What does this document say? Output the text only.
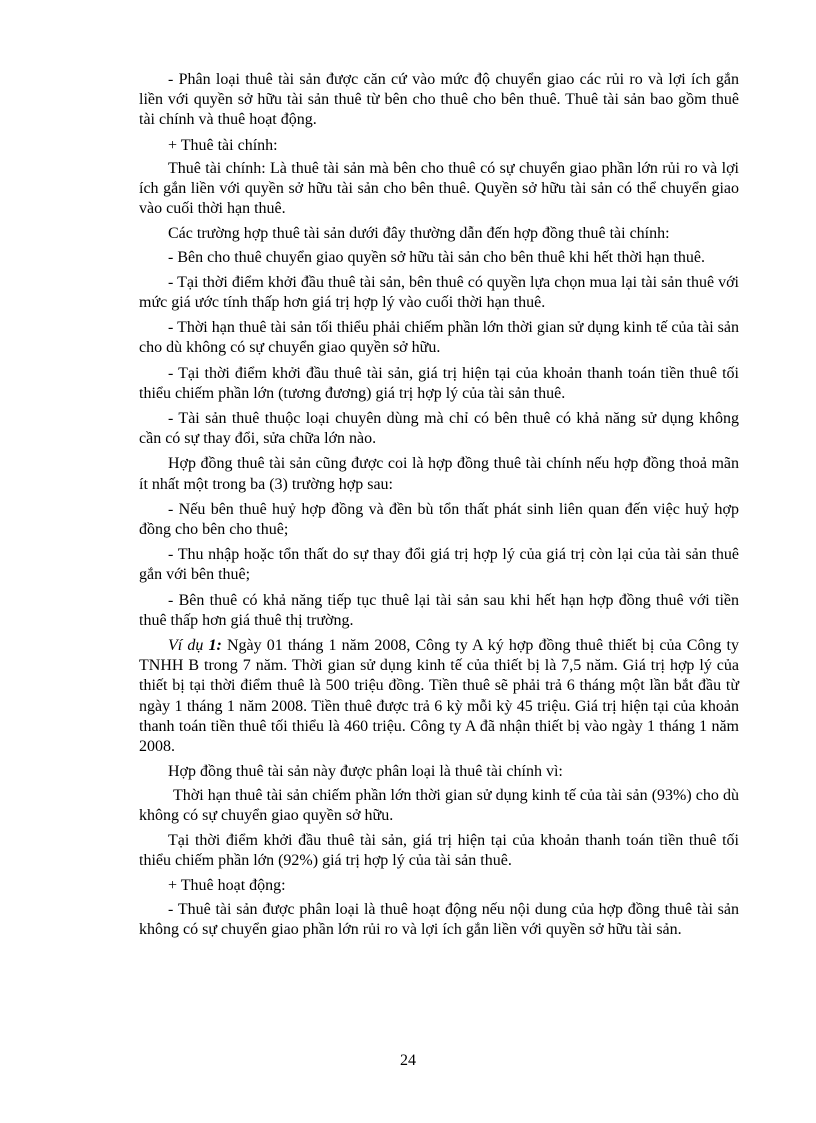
- Phân loại thuê tài sản được căn cứ vào mức độ chuyển giao các rủi ro và lợi ích gắn liền với quyền sở hữu tài sản thuê từ bên cho thuê cho bên thuê. Thuê tài sản bao gồm thuê tài chính và thuê hoạt động.

+ Thuê tài chính:

Thuê tài chính: Là thuê tài sản mà bên cho thuê có sự chuyển giao phần lớn rủi ro và lợi ích gắn liền với quyền sở hữu tài sản cho bên thuê. Quyền sở hữu tài sản có thể chuyển giao vào cuối thời hạn thuê.

Các trường hợp thuê tài sản dưới đây thường dẫn đến hợp đồng thuê tài chính:

- Bên cho thuê chuyển giao quyền sở hữu tài sản cho bên thuê khi hết thời hạn thuê.

- Tại thời điểm khởi đầu thuê tài sản, bên thuê có quyền lựa chọn mua lại tài sản thuê với mức giá ước tính thấp hơn giá trị hợp lý vào cuối thời hạn thuê.

- Thời hạn thuê tài sản tối thiểu phải chiếm phần lớn thời gian sử dụng kinh tế của tài sản cho dù không có sự chuyển giao quyền sở hữu.

- Tại thời điểm khởi đầu thuê tài sản, giá trị hiện tại của khoản thanh toán tiền thuê tối thiểu chiếm phần lớn (tương đương) giá trị hợp lý của tài sản thuê.

- Tài sản thuê thuộc loại chuyên dùng mà chỉ có bên thuê có khả năng sử dụng không cần có sự thay đổi, sửa chữa lớn nào.

Hợp đồng thuê tài sản cũng được coi là hợp đồng thuê tài chính nếu hợp đồng thoả mãn ít nhất một trong ba (3) trường hợp sau:

- Nếu bên thuê huỷ hợp đồng và đền bù tổn thất phát sinh liên quan đến việc huỷ hợp đồng cho bên cho thuê;

- Thu nhập hoặc tổn thất do sự thay đổi giá trị hợp lý của giá trị còn lại của tài sản thuê gắn với bên thuê;

- Bên thuê có khả năng tiếp tục thuê lại tài sản sau khi hết hạn hợp đồng thuê với tiền thuê thấp hơn giá thuê thị trường.

Ví dụ 1: Ngày 01 tháng 1 năm 2008, Công ty A ký hợp đồng thuê thiết bị của Công ty TNHH B trong 7 năm. Thời gian sử dụng kinh tế của thiết bị là 7,5 năm. Giá trị hợp lý của thiết bị tại thời điểm thuê là 500 triệu đồng. Tiền thuê sẽ phải trả 6 tháng một lần bắt đầu từ ngày 1 tháng 1 năm 2008. Tiền thuê được trả 6 kỳ mỗi kỳ 45 triệu. Giá trị hiện tại của khoản thanh toán tiền thuê tối thiểu là 460 triệu. Công ty A đã nhận thiết bị vào ngày 1 tháng 1 năm 2008.

Hợp đồng thuê tài sản này được phân loại là thuê tài chính vì:

Thời hạn thuê tài sản chiếm phần lớn thời gian sử dụng kinh tế của tài sản (93%) cho dù không có sự chuyển giao quyền sở hữu.

Tại thời điểm khởi đầu thuê tài sản, giá trị hiện tại của khoản thanh toán tiền thuê tối thiểu chiếm phần lớn (92%) giá trị hợp lý của tài sản thuê.

+ Thuê hoạt động:

- Thuê tài sản được phân loại là thuê hoạt động nếu nội dung của hợp đồng thuê tài sản không có sự chuyển giao phần lớn rủi ro và lợi ích gắn liền với quyền sở hữu tài sản.

24
